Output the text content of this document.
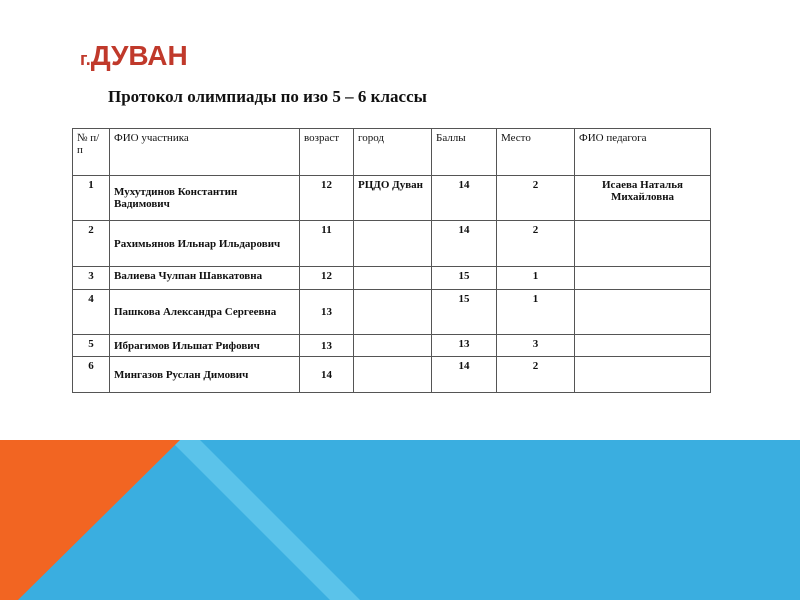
г.ДУВАН
Протокол олимпиады по изо 5 – 6 классы
№ п/п	ФИО участника	возраст	город	Баллы	Место	ФИО педагога
1	Мухутдинов Константин Вадимович	12	РЦДО Дуван	14	2	Исаева Наталья Михайловна
2	Рахимьянов Ильнар Ильдарович	11		14	2	
3	Валиева Чулпан Шавкатовна	12		15	1	
4	Пашкова Александра Сергеевна	13		15	1	
5	Ибрагимов Ильшат Рифович	13		13	3	
6	Мингазов Руслан Димович	14		14	2	
